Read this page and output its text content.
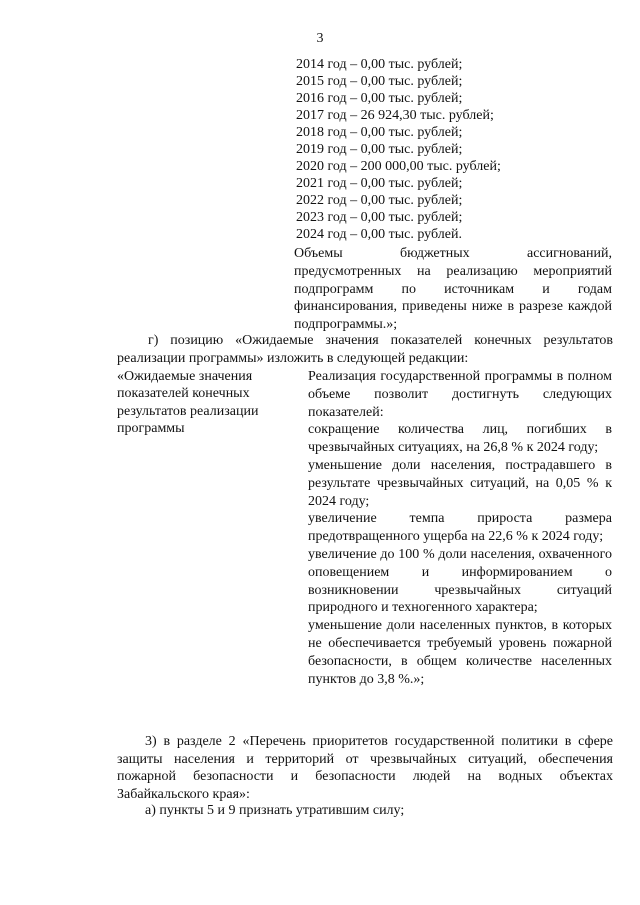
3
2014 год – 0,00 тыс. рублей;
2015 год – 0,00 тыс. рублей;
2016 год – 0,00 тыс. рублей;
2017 год – 26 924,30 тыс. рублей;
2018 год – 0,00 тыс. рублей;
2019 год – 0,00 тыс. рублей;
2020 год – 200 000,00 тыс. рублей;
2021 год – 0,00 тыс. рублей;
2022 год – 0,00 тыс. рублей;
2023 год – 0,00 тыс. рублей;
2024 год – 0,00 тыс. рублей.
Объемы бюджетных ассигнований, предусмотренных на реализацию мероприятий подпрограмм по источникам и годам финансирования, приведены ниже в разрезе каждой подпрограммы.»;
г) позицию «Ожидаемые значения показателей конечных результатов реализации программы» изложить в следующей редакции:
«Ожидаемые значения показателей конечных результатов реализации программы
Реализация государственной программы в полном объеме позволит достигнуть следующих показателей:
сокращение количества лиц, погибших в чрезвычайных ситуациях, на 26,8 % к 2024 году;
уменьшение доли населения, пострадавшего в результате чрезвычайных ситуаций, на 0,05 % к 2024 году;
увеличение темпа прироста размера предотвращенного ущерба на 22,6 % к 2024 году;
увеличение до 100 % доли населения, охваченного оповещением и информированием о возникновении чрезвычайных ситуаций природного и техногенного характера;
уменьшение доли населенных пунктов, в которых не обеспечивается требуемый уровень пожарной безопасности, в общем количестве населенных пунктов до 3,8 %.»;
3) в разделе 2 «Перечень приоритетов государственной политики в сфере защиты населения и территорий от чрезвычайных ситуаций, обеспечения пожарной безопасности и безопасности людей на водных объектах Забайкальского края»:
а) пункты 5 и 9 признать утратившим силу;
